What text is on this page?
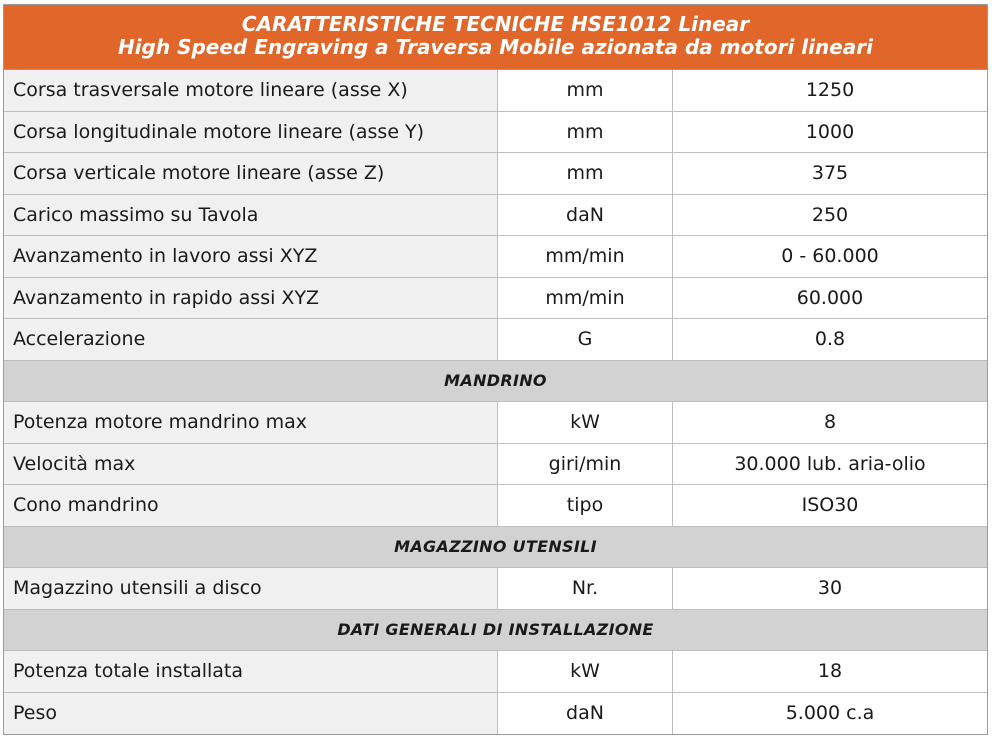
CARATTERISTICHE TECNICHE HSE1012 Linear
High Speed Engraving a Traversa Mobile azionata da motori lineari
Corsa trasversale motore lineare (asse X)	mm	1250
Corsa longitudinale motore lineare (asse Y)	mm	1000
Corsa verticale motore lineare (asse Z)	mm	375
Carico massimo su Tavola	daN	250
Avanzamento in lavoro assi XYZ	mm/min	0 - 60.000
Avanzamento in rapido assi XYZ	mm/min	60.000
Accelerazione	G	0.8
MANDRINO
Potenza motore mandrino max	kW	8
Velocità max	giri/min	30.000 lub. aria-olio
Cono mandrino	tipo	ISO30
MAGAZZINO UTENSILI
Magazzino utensili a disco	Nr.	30
DATI GENERALI DI INSTALLAZIONE
Potenza totale installata	kW	18
Peso	daN	5.000 c.a
